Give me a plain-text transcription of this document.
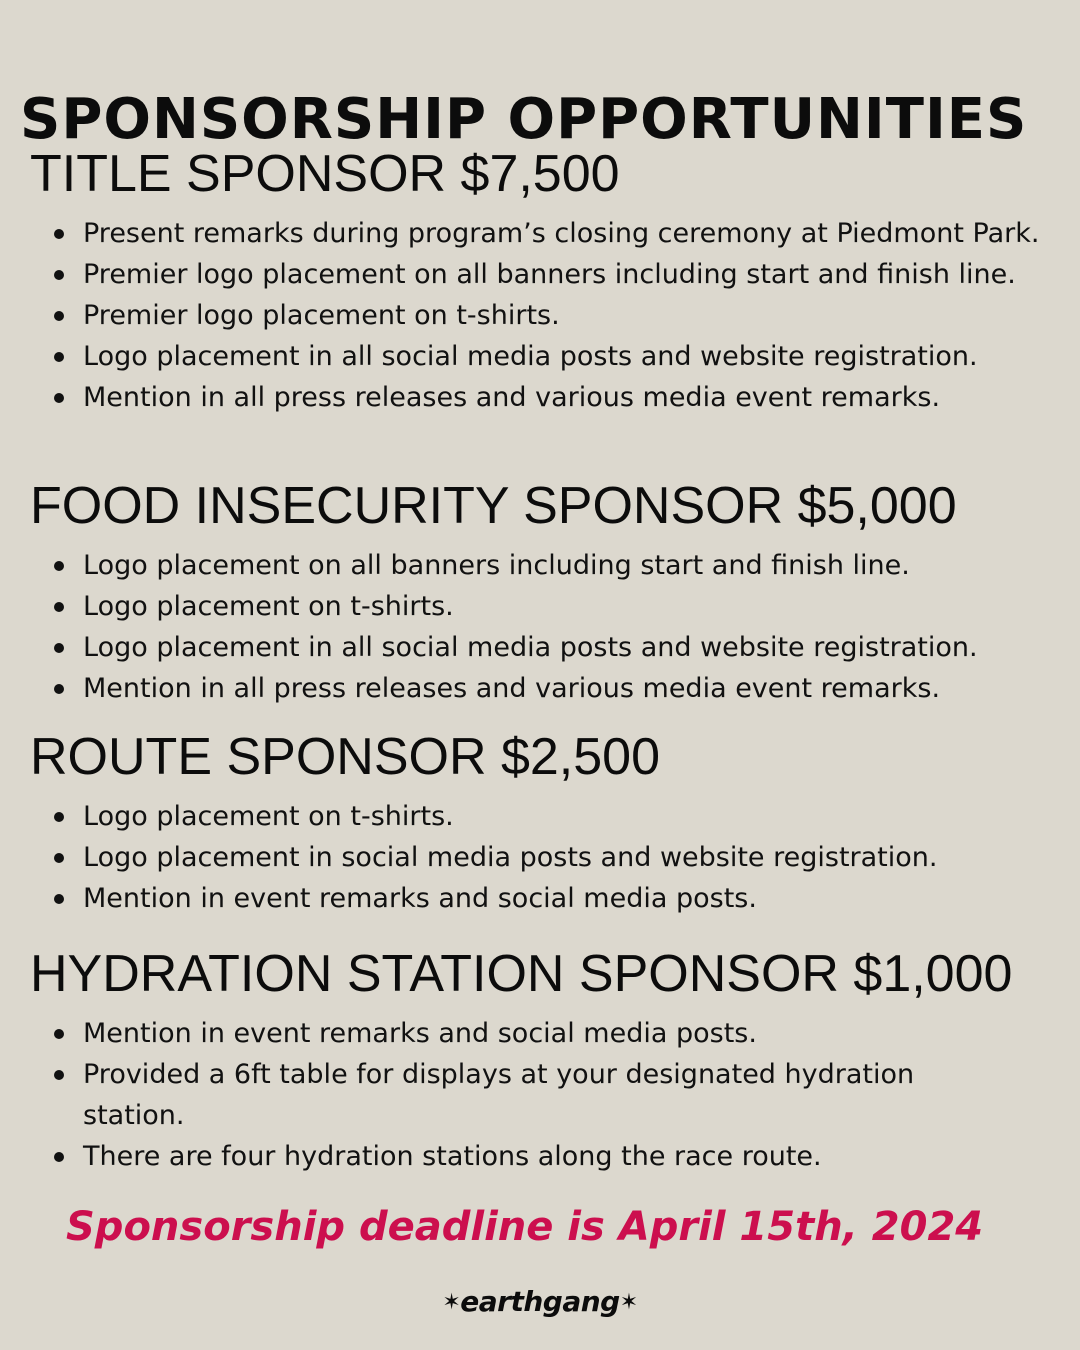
SPONSORSHIP OPPORTUNITIES
TITLE SPONSOR $7,500
Present remarks during program’s closing ceremony at Piedmont Park.
Premier logo placement on all banners including start and finish line.
Premier logo placement on t-shirts.
Logo placement in all social media posts and website registration.
Mention in all press releases and various media event remarks.
FOOD INSECURITY SPONSOR $5,000
Logo placement on all banners including start and finish line.
Logo placement on t-shirts.
Logo placement in all social media posts and website registration.
Mention in all press releases and various media event remarks.
ROUTE SPONSOR $2,500
Logo placement on t-shirts.
Logo placement in social media posts and website registration.
Mention in event remarks and social media posts.
HYDRATION STATION SPONSOR $1,000
Mention in event remarks and social media posts.
Provided a 6ft table for displays at your designated hydration station.
There are four hydration stations along the race route.
Sponsorship deadline is April 15th, 2024
✶earthgang✶
